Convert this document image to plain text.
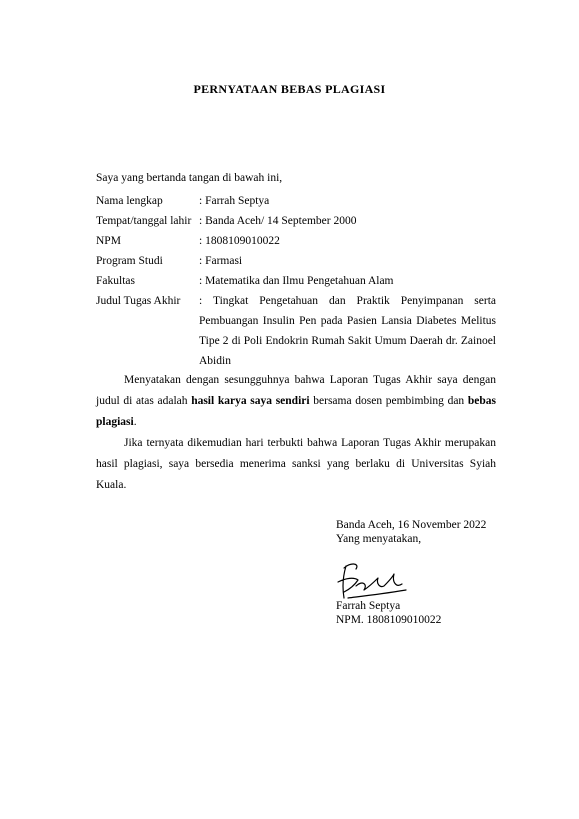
PERNYATAAN BEBAS PLAGIASI
Saya yang bertanda tangan di bawah ini,
Nama lengkap	: Farrah Septya
Tempat/tanggal lahir : Banda Aceh/ 14 September 2000
NPM	: 1808109010022
Program Studi	: Farmasi
Fakultas	: Matematika dan Ilmu Pengetahuan Alam
Judul Tugas Akhir	: Tingkat Pengetahuan dan Praktik Penyimpanan serta Pembuangan Insulin Pen pada Pasien Lansia Diabetes Melitus Tipe 2 di Poli Endokrin Rumah Sakit Umum Daerah dr. Zainoel Abidin

Menyatakan dengan sesungguhnya bahwa Laporan Tugas Akhir saya dengan judul di atas adalah hasil karya saya sendiri bersama dosen pembimbing dan bebas plagiasi.

Jika ternyata dikemudian hari terbukti bahwa Laporan Tugas Akhir merupakan hasil plagiasi, saya bersedia menerima sanksi yang berlaku di Universitas Syiah Kuala.

Banda Aceh, 16 November 2022
Yang menyatakan,
Farrah Septya
NPM. 1808109010022
